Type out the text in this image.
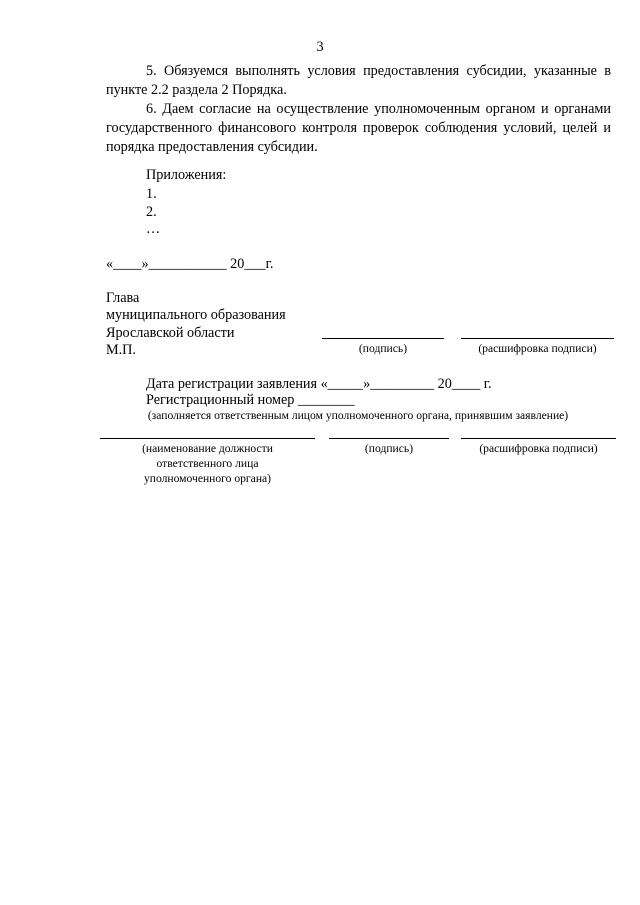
3
5. Обязуемся выполнять условия предоставления субсидии, указанные в пункте 2.2 раздела 2 Порядка.
6. Даем согласие на осуществление уполномоченным органом и органами государственного финансового контроля проверок соблюдения условий, целей и порядка предоставления субсидии.
Приложения:
1.
2.
…
«____»___________ 20___г.
Глава
муниципального образования
Ярославской области
М.П.	(подпись)	(расшифровка подписи)
Дата регистрации заявления «_____»_________ 20____ г.
Регистрационный номер ________
(заполняется ответственным лицом уполномоченного органа, принявшим заявление)
(наименование должности
ответственного лица
уполномоченного органа)
(подпись)	(расшифровка подписи)
